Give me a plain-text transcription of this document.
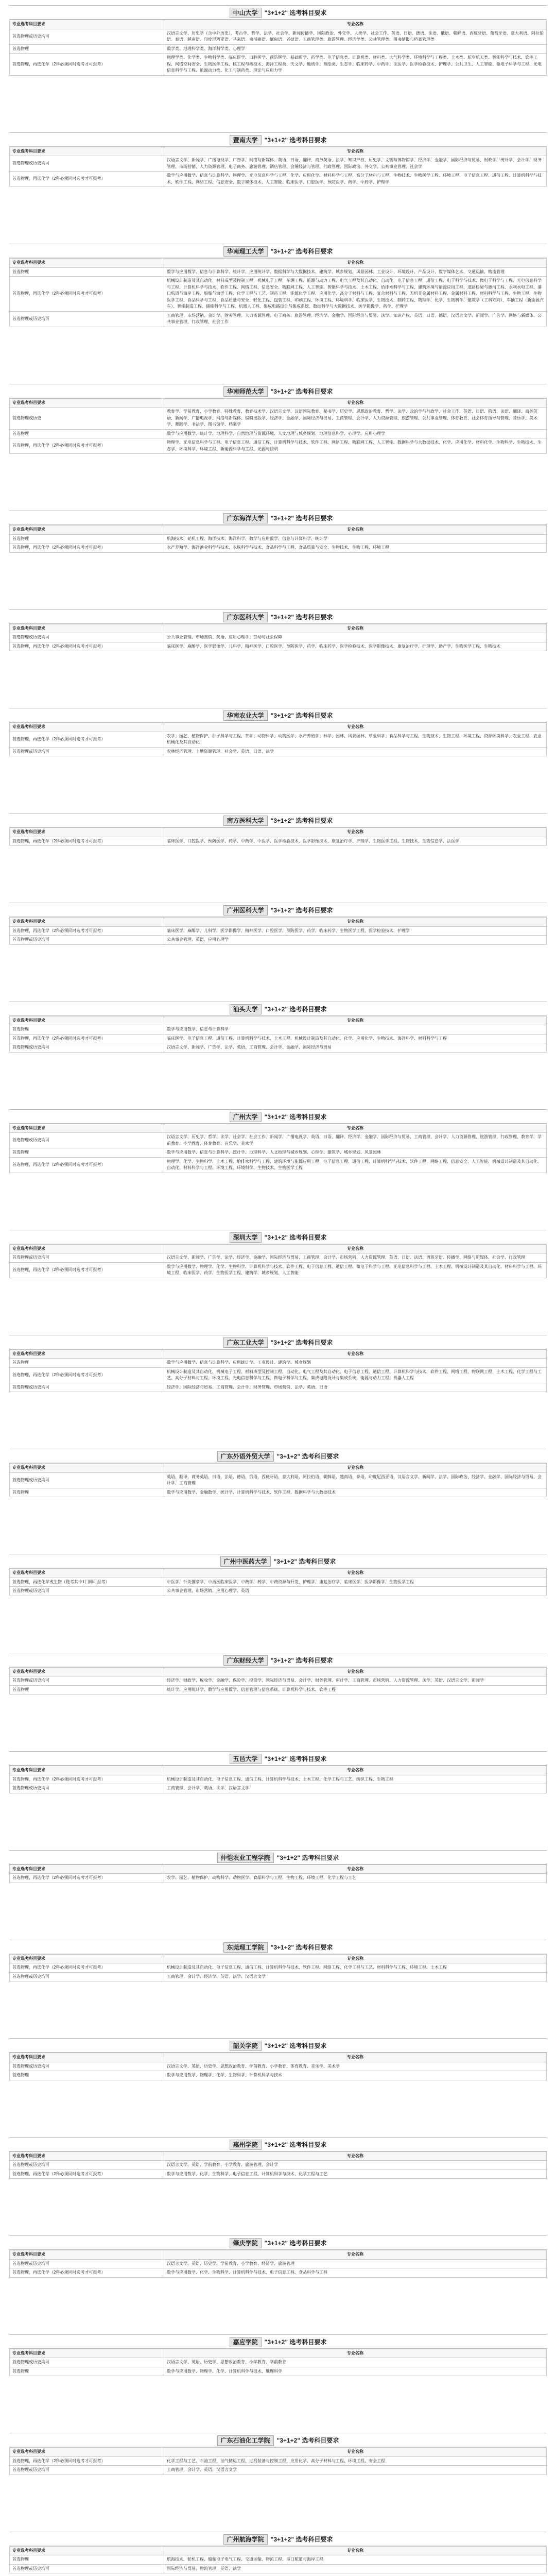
中山大学 "3+1+2" 选考科目要求
专业选考科目要求	专业名称
首选物理或历史均可	汉语言文学、历史学（含中外历史）、考古学、哲学、法学、社会学、新闻传播学、国际政治、外交学、人类学、社会工作、英语、日语、德语、法语、俄语、朝鲜语、西班牙语、葡萄牙语、意大利语、阿拉伯语、泰语、越南语、印度尼西亚语、马来语、柬埔寨语、缅甸语、老挝语、工商管理类、旅游管理、经济学类、公共管理类、图书情报与档案管理类
首选物理	数学类、地理科学类、海洋科学类、心理学
首选物理，再选化学（2科必须同时选考才可报考）	物理学类、化学类、生物科学类、临床医学、口腔医学、预防医学、基础医学、药学类、电子信息类、计算机类、材料类、大气科学类、环境科学与工程类、土木类、航空航天类、智能科学与技术、软件工程、网络空间安全、生物医学工程、核工程与核技术、海洋工程类、天文学、地质学、测绘类、生态学、临床药学、中药学、法医学、医学检验技术、护理学、公共卫生、人工智能、微电子科学与工程、光电信息科学与工程、能源动力类、化工与制药类、理论与应用力学
暨南大学 "3+1+2" 选考科目要求
专业选考科目要求	专业名称
首选物理或历史均可	汉语言文学、新闻学、广播电视学、广告学、网络与新媒体、英语、日语、翻译、商务英语、法学、知识产权、历史学、文物与博物馆学、经济学、金融学、国际经济与贸易、财政学、统计学、会计学、财务管理、市场营销、人力资源管理、电子商务、旅游管理、酒店管理、会展经济与管理、行政管理、国际政治、外交学、公共事业管理、社会学
首选物理，再选化学（2科必须同时选考才可报考）	数学与应用数学、信息与计算科学、物理学、光电信息科学与工程、化学、应用化学、材料科学与工程、高分子材料与工程、生物技术、生物医学工程、环境工程、电子信息工程、通信工程、计算机科学与技术、软件工程、网络工程、信息安全、数字媒体技术、人工智能、临床医学、口腔医学、预防医学、药学、中药学、护理学
华南理工大学 "3+1+2" 选考科目要求
专业选考科目要求	专业名称
首选物理	数学与应用数学、信息与计算科学、统计学、应用统计学、数据科学与大数据技术、建筑学、城乡规划、风景园林、工业设计、环境设计、产品设计、数字媒体艺术、交通运输、物流管理
首选物理，再选化学（2科必须同时选考才可报考）	机械设计制造及其自动化、材料成型及控制工程、机械电子工程、车辆工程、能源与动力工程、电气工程及其自动化、自动化、电子信息工程、通信工程、电子科学与技术、微电子科学与工程、光电信息科学与工程、计算机科学与技术、软件工程、网络工程、信息安全、物联网工程、人工智能、智能科学与技术、土木工程、给排水科学与工程、建筑环境与能源应用工程、道路桥梁与渡河工程、水利水电工程、港口航道与海岸工程、船舶与海洋工程、化学工程与工艺、制药工程、能源化学工程、应用化学、高分子材料与工程、复合材料与工程、无机非金属材料工程、金属材料工程、材料科学与工程、生物工程、生物医学工程、食品科学与工程、食品质量与安全、轻化工程、包装工程、印刷工程、环境工程、环境科学、临床医学、生物技术、制药工程、物理学、化学、生物科学、建筑学（工科方向）、车辆工程（新能源汽车）、智能制造工程、储能科学与工程、机器人工程、集成电路设计与集成系统、数据科学与大数据技术、医学影像学、药学、护理学
首选物理或历史均可	工商管理、市场营销、会计学、财务管理、人力资源管理、电子商务、旅游管理、经济学、金融学、国际经济与贸易、法学、知识产权、英语、日语、德语、汉语言文学、新闻学、广告学、网络与新媒体、公共事业管理、行政管理、社会工作
华南师范大学 "3+1+2" 选考科目要求
专业选考科目要求	专业名称
首选物理或历史	教育学、学前教育、小学教育、特殊教育、教育技术学、汉语言文学、汉语国际教育、秘书学、历史学、思想政治教育、哲学、法学、政治学与行政学、社会工作、英语、日语、俄语、法语、翻译、商务英语、新闻学、广播电视学、网络与新媒体、编辑出版学、经济学、金融学、国际经济与贸易、工商管理、会计学、人力资源管理、旅游管理、公共事业管理、体育教育、社会体育指导与管理、音乐学、美术学、舞蹈学、书法学、图书馆学、档案学
首选物理	数学与应用数学、统计学、地理科学、自然地理与资源环境、人文地理与城乡规划、地理信息科学、心理学、应用心理学
首选物理，再选化学（2科必须同时选考才可报考）	物理学、光电信息科学与工程、电子信息工程、通信工程、计算机科学与技术、软件工程、网络工程、物联网工程、人工智能、数据科学与大数据技术、化学、应用化学、材料化学、生物科学、生物技术、生态学、环境科学、环境工程、新能源科学与工程、光源与照明
广东海洋大学 "3+1+2" 选考科目要求
专业选考科目要求	专业名称
首选物理	航海技术、轮机工程、海洋技术、海洋科学、数学与应用数学、信息与计算科学、统计学
首选物理，再选化学（2科必须同时选考才可报考）	水产养殖学、海洋渔业科学与技术、水族科学与技术、食品科学与工程、食品质量与安全、生物技术、生物工程、环境工程
广东医科大学 "3+1+2" 选考科目要求
专业选考科目要求	专业名称
首选物理或历史均可	公共事业管理、市场营销、英语、应用心理学、劳动与社会保障
首选物理，再选化学（2科必须同时选考才可报考）	临床医学、麻醉学、医学影像学、儿科学、精神医学、口腔医学、预防医学、药学、临床药学、医学检验技术、医学影像技术、康复治疗学、护理学、助产学、生物医学工程、生物技术
华南农业大学 "3+1+2" 选考科目要求
专业选考科目要求	专业名称
首选物理，再选化学（2科必须同时选考才可报考）	农学、园艺、植物保护、种子科学与工程、茶学、动物科学、动物医学、水产养殖学、林学、园林、风景园林、草业科学、食品科学与工程、生物技术、生物工程、环境工程、资源环境科学、农业工程、农业机械化及其自动化
首选物理或历史均可	农林经济管理、土地资源管理、社会学、英语、日语、法学
南方医科大学 "3+1+2" 选考科目要求
专业选考科目要求	专业名称
首选物理，再选化学（2科必须同时选考才可报考）	临床医学、口腔医学、预防医学、药学、中药学、中医学、医学检验技术、医学影像技术、康复治疗学、护理学、生物医学工程、生物技术、生物信息学、法医学
广州医科大学 "3+1+2" 选考科目要求
专业选考科目要求	专业名称
首选物理，再选化学（2科必须同时选考才可报考）	临床医学、麻醉学、儿科学、医学影像学、精神医学、口腔医学、预防医学、药学、临床药学、生物医学工程、医学检验技术、护理学
首选物理或历史均可	公共事业管理、英语、应用心理学
汕头大学 "3+1+2" 选考科目要求
专业选考科目要求	专业名称
首选物理	数学与应用数学、信息与计算科学
首选物理，再选化学（2科必须同时选考才可报考）	临床医学、电子信息工程、通信工程、计算机科学与技术、土木工程、机械设计制造及其自动化、化学、应用化学、生物技术、海洋科学、材料科学与工程
首选物理或历史均可	汉语言文学、新闻学、广告学、法学、英语、工商管理、会计学、金融学、国际经济与贸易
广州大学 "3+1+2" 选考科目要求
专业选考科目要求	专业名称
首选物理或历史均可	汉语言文学、历史学、哲学、法学、社会学、社会工作、新闻学、广播电视学、英语、日语、翻译、经济学、金融学、国际经济与贸易、工商管理、会计学、人力资源管理、旅游管理、行政管理、教育学、学前教育、小学教育、体育教育、音乐学、美术学
首选物理	数学与应用数学、信息与计算科学、统计学、地理科学、人文地理与城乡规划、心理学、建筑学、城乡规划、风景园林
首选物理，再选化学（2科必须同时选考才可报考）	物理学、化学、生物科学、土木工程、给排水科学与工程、建筑环境与能源应用工程、电子信息工程、通信工程、计算机科学与技术、软件工程、网络工程、信息安全、人工智能、机械设计制造及其自动化、自动化、材料科学与工程、环境工程、环境科学、生物技术、生物医学工程
深圳大学 "3+1+2" 选考科目要求
专业选考科目要求	专业名称
首选物理或历史均可	汉语言文学、新闻学、广告学、法学、经济学、金融学、国际经济与贸易、工商管理、会计学、市场营销、人力资源管理、英语、日语、法语、西班牙语、传播学、网络与新媒体、社会学、行政管理
首选物理，再选化学（2科必须同时选考才可报考）	数学与应用数学、物理学、化学、生物科学、计算机科学与技术、软件工程、电子信息工程、通信工程、微电子科学与工程、光电信息科学与工程、土木工程、机械设计制造及其自动化、材料科学与工程、环境工程、临床医学、药学、生物医学工程、建筑学、城乡规划、人工智能
广东工业大学 "3+1+2" 选考科目要求
专业选考科目要求	专业名称
首选物理	数学与应用数学、信息与计算科学、应用统计学、工业设计、建筑学、城乡规划
首选物理，再选化学（2科必须同时选考才可报考）	机械设计制造及其自动化、机械电子工程、材料成型及控制工程、自动化、电气工程及其自动化、电子信息工程、通信工程、计算机科学与技术、软件工程、网络工程、物联网工程、土木工程、化学工程与工艺、高分子材料与工程、环境工程、光电信息科学与工程、微电子科学与工程、集成电路设计与集成系统、能源与动力工程、机器人工程
首选物理或历史均可	经济学、国际经济与贸易、工商管理、会计学、财务管理、市场营销、法学、英语、日语
广东外语外贸大学 "3+1+2" 选考科目要求
专业选考科目要求	专业名称
首选物理或历史均可	英语、翻译、商务英语、日语、法语、德语、俄语、西班牙语、意大利语、阿拉伯语、朝鲜语、越南语、泰语、印度尼西亚语、汉语言文学、新闻学、法学、国际政治、经济学、金融学、国际经济与贸易、会计学、工商管理
首选物理	数学与应用数学、金融数学、统计学、计算机科学与技术、软件工程、数据科学与大数据技术
广州中医药大学 "3+1+2" 选考科目要求
专业选考科目要求	专业名称
首选物理，再选化学或生物（选考其中1门即可报考）	中医学、针灸推拿学、中西医临床医学、中药学、药学、中药资源与开发、护理学、康复治疗学、临床医学、医学影像学、生物医学工程
首选物理或历史均可	公共事业管理、市场营销、应用心理学、英语
广东财经大学 "3+1+2" 选考科目要求
专业选考科目要求	专业名称
首选物理或历史均可	经济学、财政学、税收学、金融学、保险学、投资学、国际经济与贸易、会计学、财务管理、审计学、工商管理、市场营销、人力资源管理、法学、英语、汉语言文学、新闻学
首选物理	统计学、应用统计学、数学与应用数学、信息管理与信息系统、计算机科学与技术、软件工程
五邑大学 "3+1+2" 选考科目要求
专业选考科目要求	专业名称
首选物理，再选化学（2科必须同时选考才可报考）	机械设计制造及其自动化、电子信息工程、通信工程、计算机科学与技术、土木工程、化学工程与工艺、纺织工程、生物工程
首选物理或历史均可	工商管理、会计学、英语、法学、汉语言文学
仲恺农业工程学院 "3+1+2" 选考科目要求
专业选考科目要求	专业名称
首选物理，再选化学（2科必须同时选考才可报考）	农学、园艺、植物保护、动物科学、动物医学、食品科学与工程、生物工程、环境工程、化学工程与工艺
东莞理工学院 "3+1+2" 选考科目要求
专业选考科目要求	专业名称
首选物理，再选化学（2科必须同时选考才可报考）	机械设计制造及其自动化、电子信息工程、通信工程、计算机科学与技术、软件工程、网络工程、化学工程与工艺、材料科学与工程、环境工程、土木工程
首选物理或历史均可	工商管理、会计学、经济学、英语、法学、汉语言文学
韶关学院 "3+1+2" 选考科目要求
专业选考科目要求	专业名称
首选物理或历史均可	汉语言文学、英语、历史学、思想政治教育、学前教育、小学教育、体育教育、音乐学、美术学
首选物理	数学与应用数学、物理学、化学、生物科学、计算机科学与技术
惠州学院 "3+1+2" 选考科目要求
专业选考科目要求	专业名称
首选物理或历史均可	汉语言文学、英语、学前教育、小学教育、旅游管理、会计学
首选物理，再选化学（2科必须同时选考才可报考）	数学与应用数学、化学、生物科学、电子信息工程、计算机科学与技术、化学工程与工艺
肇庆学院 "3+1+2" 选考科目要求
专业选考科目要求	专业名称
首选物理或历史均可	汉语言文学、英语、历史学、学前教育、小学教育、经济学、旅游管理
首选物理，再选化学（2科必须同时选考才可报考）	数学与应用数学、化学、生物科学、计算机科学与技术、电子信息工程、食品科学与工程
嘉应学院 "3+1+2" 选考科目要求
专业选考科目要求	专业名称
首选物理或历史均可	汉语言文学、英语、历史学、思想政治教育、小学教育、学前教育
首选物理	数学与应用数学、物理学、化学、计算机科学与技术、地理科学
广东石油化工学院 "3+1+2" 选考科目要求
专业选考科目要求	专业名称
首选物理，再选化学（2科必须同时选考才可报考）	化学工程与工艺、石油工程、油气储运工程、过程装备与控制工程、应用化学、高分子材料与工程、环境工程、安全工程
首选物理或历史均可	工商管理、会计学、英语、汉语言文学
广州航海学院 "3+1+2" 选考科目要求
专业选考科目要求	专业名称
首选物理	航海技术、轮机工程、船舶电子电气工程、交通运输、物流工程、港口航道与海岸工程
首选物理或历史均可	国际经济与贸易、物流管理、英语、法学
